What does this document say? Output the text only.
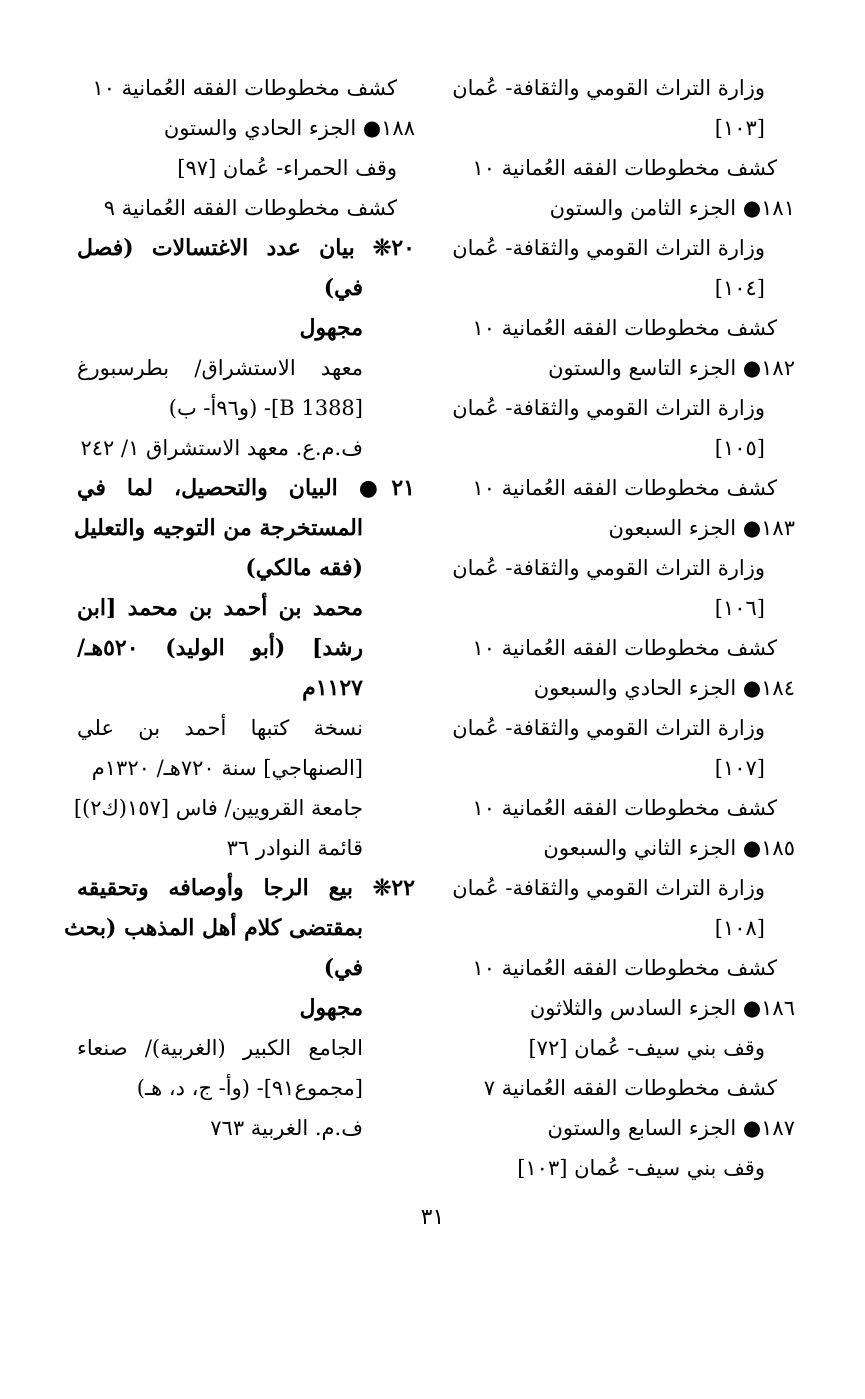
وزارة التراث القومي والثقافة- عُمان
[١٠٣]
كشف مخطوطات الفقه العُمانية ١٠
١٨١● الجزء الثامن والستون
وزارة التراث القومي والثقافة- عُمان
[١٠٤]
كشف مخطوطات الفقه العُمانية ١٠
١٨٢● الجزء التاسع والستون
وزارة التراث القومي والثقافة- عُمان
[١٠٥]
كشف مخطوطات الفقه العُمانية ١٠
١٨٣● الجزء السبعون
وزارة التراث القومي والثقافة- عُمان
[١٠٦]
كشف مخطوطات الفقه العُمانية ١٠
١٨٤● الجزء الحادي والسبعون
وزارة التراث القومي والثقافة- عُمان
[١٠٧]
كشف مخطوطات الفقه العُمانية ١٠
١٨٥● الجزء الثاني والسبعون
وزارة التراث القومي والثقافة- عُمان
[١٠٨]
كشف مخطوطات الفقه العُمانية ١٠
١٨٦● الجزء السادس والثلاثون
وقف بني سيف- عُمان [٧٢]
كشف مخطوطات الفقه العُمانية ٧
١٨٧● الجزء السابع والستون
وقف بني سيف- عُمان [١٠٣]
كشف مخطوطات الفقه العُمانية ١٠
١٨٨● الجزء الحادي والستون
وقف الحمراء- عُمان [٩٧]
كشف مخطوطات الفقه العُمانية ٩
٢٠❊ بيان عدد الاغتسالات (فصل
في)
مجهول
معهد الاستشراق/ بطرسبورغ
[B 1388]- (و٩٦أ- ب)
ف.م.ع. معهد الاستشراق ١/ ٢٤٢
٢١● البيان والتحصيل، لما في
المستخرجة من التوجيه والتعليل
(فقه مالكي)
محمد بن أحمد بن محمد [ابن
رشد] (أبو الوليد) ٥٢٠هـ/
١١٢٧م
نسخة كتبها أحمد بن علي
[الصنهاجي] سنة ٧٢٠هـ/ ١٣٢٠م
جامعة القرويين/ فاس [١٥٧(ك٢)]
قائمة النوادر ٣٦
٢٢❊ بيع الرجا وأوصافه وتحقيقه
بمقتضى كلام أهل المذهب (بحث
في)
مجهول
الجامع الكبير (الغربية)/ صنعاء
[مجموع٩١]- (وأ- ج، د، هـ)
ف.م. الغربية ٧٦٣
٣١
